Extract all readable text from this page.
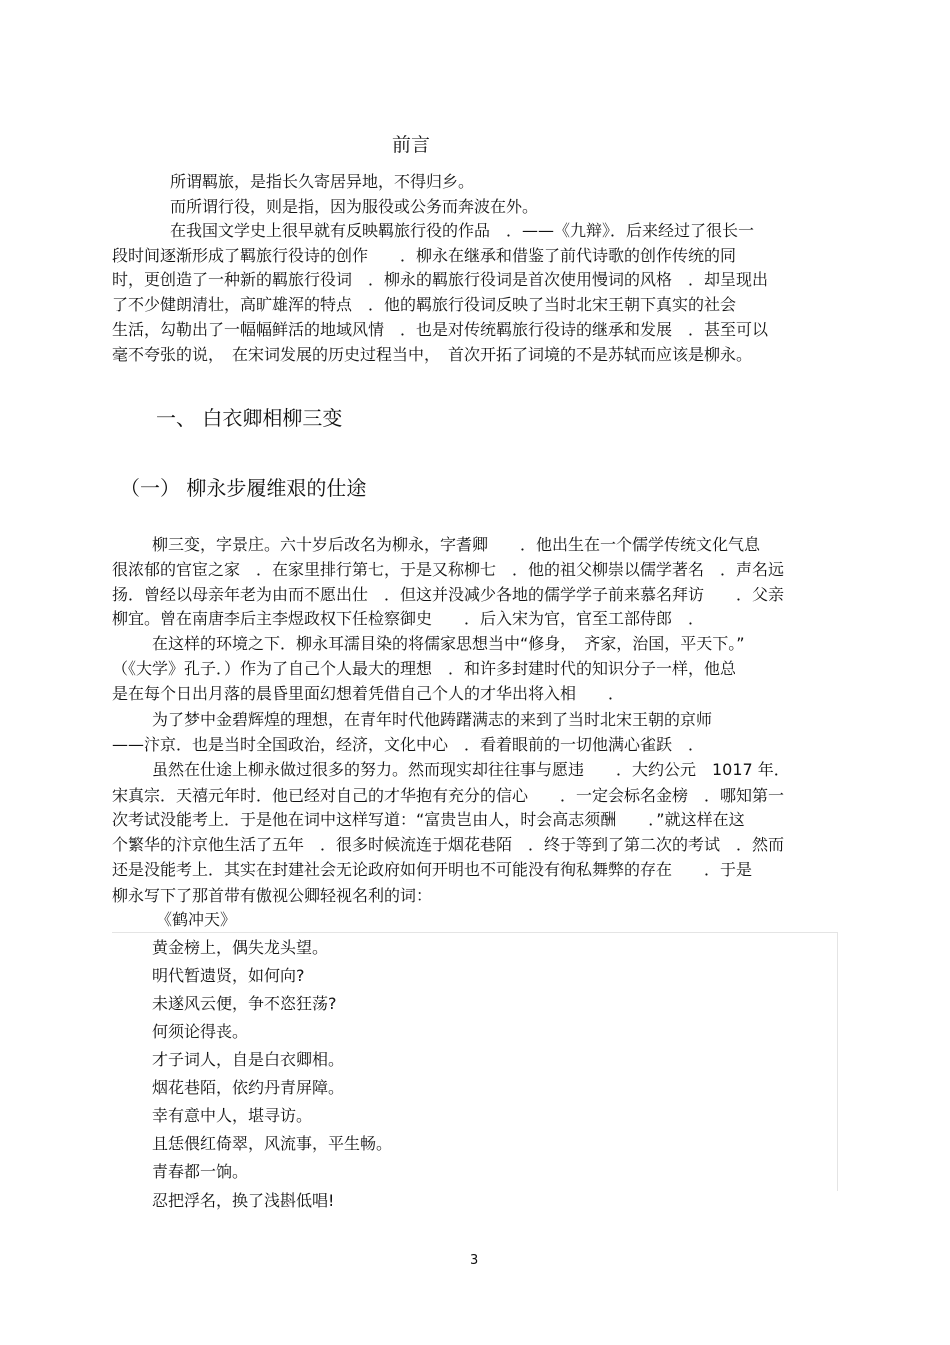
前言
所谓羁旅，是指长久寄居异地，不得归乡。
而所谓行役，则是指，因为服役或公务而奔波在外。
在我国文学史上很早就有反映羁旅行役的作品　．——《九辩》．后来经过了很长一
段时间逐渐形成了羁旅行役诗的创作　　．柳永在继承和借鉴了前代诗歌的创作传统的同
时，更创造了一种新的羁旅行役词　．柳永的羁旅行役词是首次使用慢词的风格　．却呈现出
了不少健朗清壮，高旷雄浑的特点　．他的羁旅行役词反映了当时北宋王朝下真实的社会
生活，勾勒出了一幅幅鲜活的地域风情　．也是对传统羁旅行役诗的继承和发展　．甚至可以
毫不夸张的说，　在宋词发展的历史过程当中，　首次开拓了词境的不是苏轼而应该是柳永。
一、 白衣卿相柳三变
（一） 柳永步履维艰的仕途
柳三变，字景庄。六十岁后改名为柳永，字耆卿　　．他出生在一个儒学传统文化气息
很浓郁的官宦之家　．在家里排行第七，于是又称柳七　．他的祖父柳崇以儒学著名　．声名远
扬．曾经以母亲年老为由而不愿出仕　．但这并没减少各地的儒学学子前来慕名拜访　　．父亲
柳宜。曾在南唐李后主李煜政权下任检察御史　　．后入宋为官，官至工部侍郎　．
在这样的环境之下．柳永耳濡目染的将儒家思想当中“修身，　齐家，治国，平天下。”
（《大学》孔子．）作为了自己个人最大的理想　．和许多封建时代的知识分子一样，他总
是在每个日出月落的晨昏里面幻想着凭借自己个人的才华出将入相　　．
为了梦中金碧辉煌的理想，在青年时代他踌躇满志的来到了当时北宋王朝的京师
——汴京．也是当时全国政治，经济，文化中心　．看着眼前的一切他满心雀跃　．
虽然在仕途上柳永做过很多的努力。然而现实却往往事与愿违　　．大约公元　1017 年．
宋真宗．天禧元年时．他已经对自己的才华抱有充分的信心　　．一定会标名金榜　．哪知第一
次考试没能考上．于是他在词中这样写道：“富贵岂由人，时会高志须酬　　．”就这样在这
个繁华的汴京他生活了五年　．很多时候流连于烟花巷陌　．终于等到了第二次的考试　．然而
还是没能考上．其实在封建社会无论政府如何开明也不可能没有徇私舞弊的存在　　．于是
柳永写下了那首带有傲视公卿轻视名利的词：
《鹤冲天》
黄金榜上，偶失龙头望。
明代暂遗贤，如何向?
未遂风云便，争不恣狂荡?
何须论得丧。
才子词人，自是白衣卿相。
烟花巷陌，依约丹青屏障。
幸有意中人，堪寻访。
且恁偎红倚翠，风流事，平生畅。
青春都一饷。
忍把浮名，换了浅斟低唱!
3
